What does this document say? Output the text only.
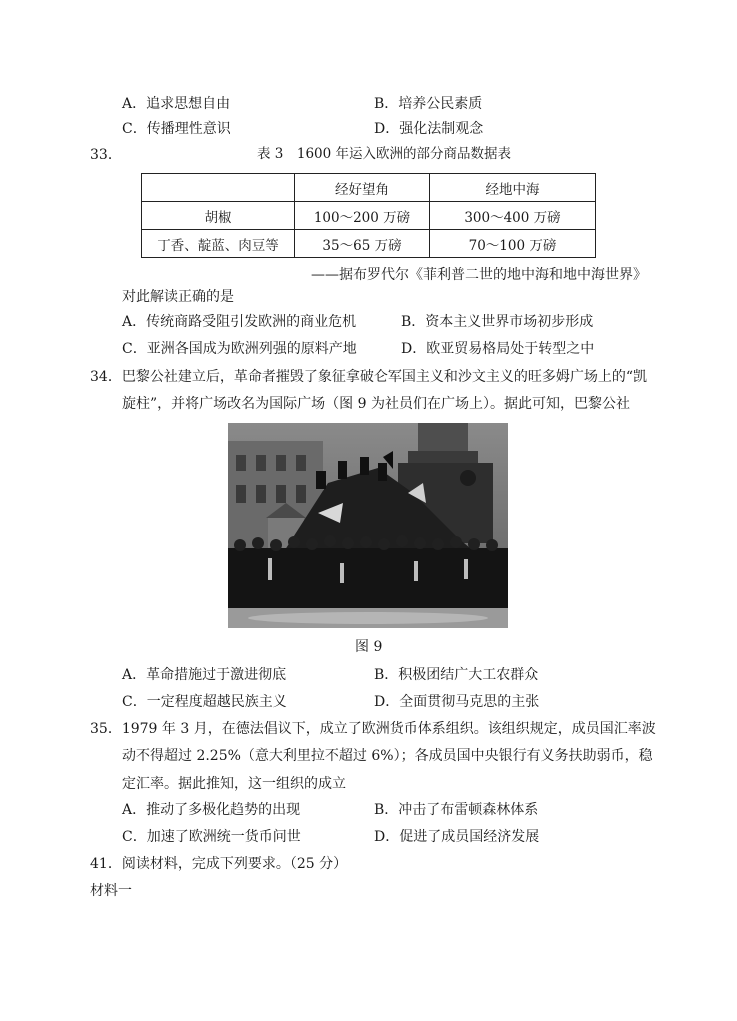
A．追求思想自由	B．培养公民素质
C．传播理性意识	D．强化法制观念
33．	表 3　1600 年运入欧洲的部分商品数据表
	经好望角	经地中海
胡椒	100～200 万磅	300～400 万磅
丁香、靛蓝、肉豆等	35～65 万磅	70～100 万磅
——据布罗代尔《菲利普二世的地中海和地中海世界》
对此解读正确的是
A．传统商路受阻引发欧洲的商业危机	B．资本主义世界市场初步形成
C．亚洲各国成为欧洲列强的原料产地	D．欧亚贸易格局处于转型之中
34．巴黎公社建立后，革命者摧毁了象征拿破仑军国主义和沙文主义的旺多姆广场上的“凯
旋柱”，并将广场改名为国际广场（图 9 为社员们在广场上）。据此可知，巴黎公社
图 9
A．革命措施过于激进彻底	B．积极团结广大工农群众
C．一定程度超越民族主义	D．全面贯彻马克思的主张
35．1979 年 3 月，在德法倡议下，成立了欧洲货币体系组织。该组织规定，成员国汇率波
动不得超过 2.25%（意大利里拉不超过 6%）；各成员国中央银行有义务扶助弱币，稳
定汇率。据此推知，这一组织的成立
A．推动了多极化趋势的出现	B．冲击了布雷顿森林体系
C．加速了欧洲统一货币问世	D．促进了成员国经济发展
41．阅读材料，完成下列要求。（25 分）
材料一
